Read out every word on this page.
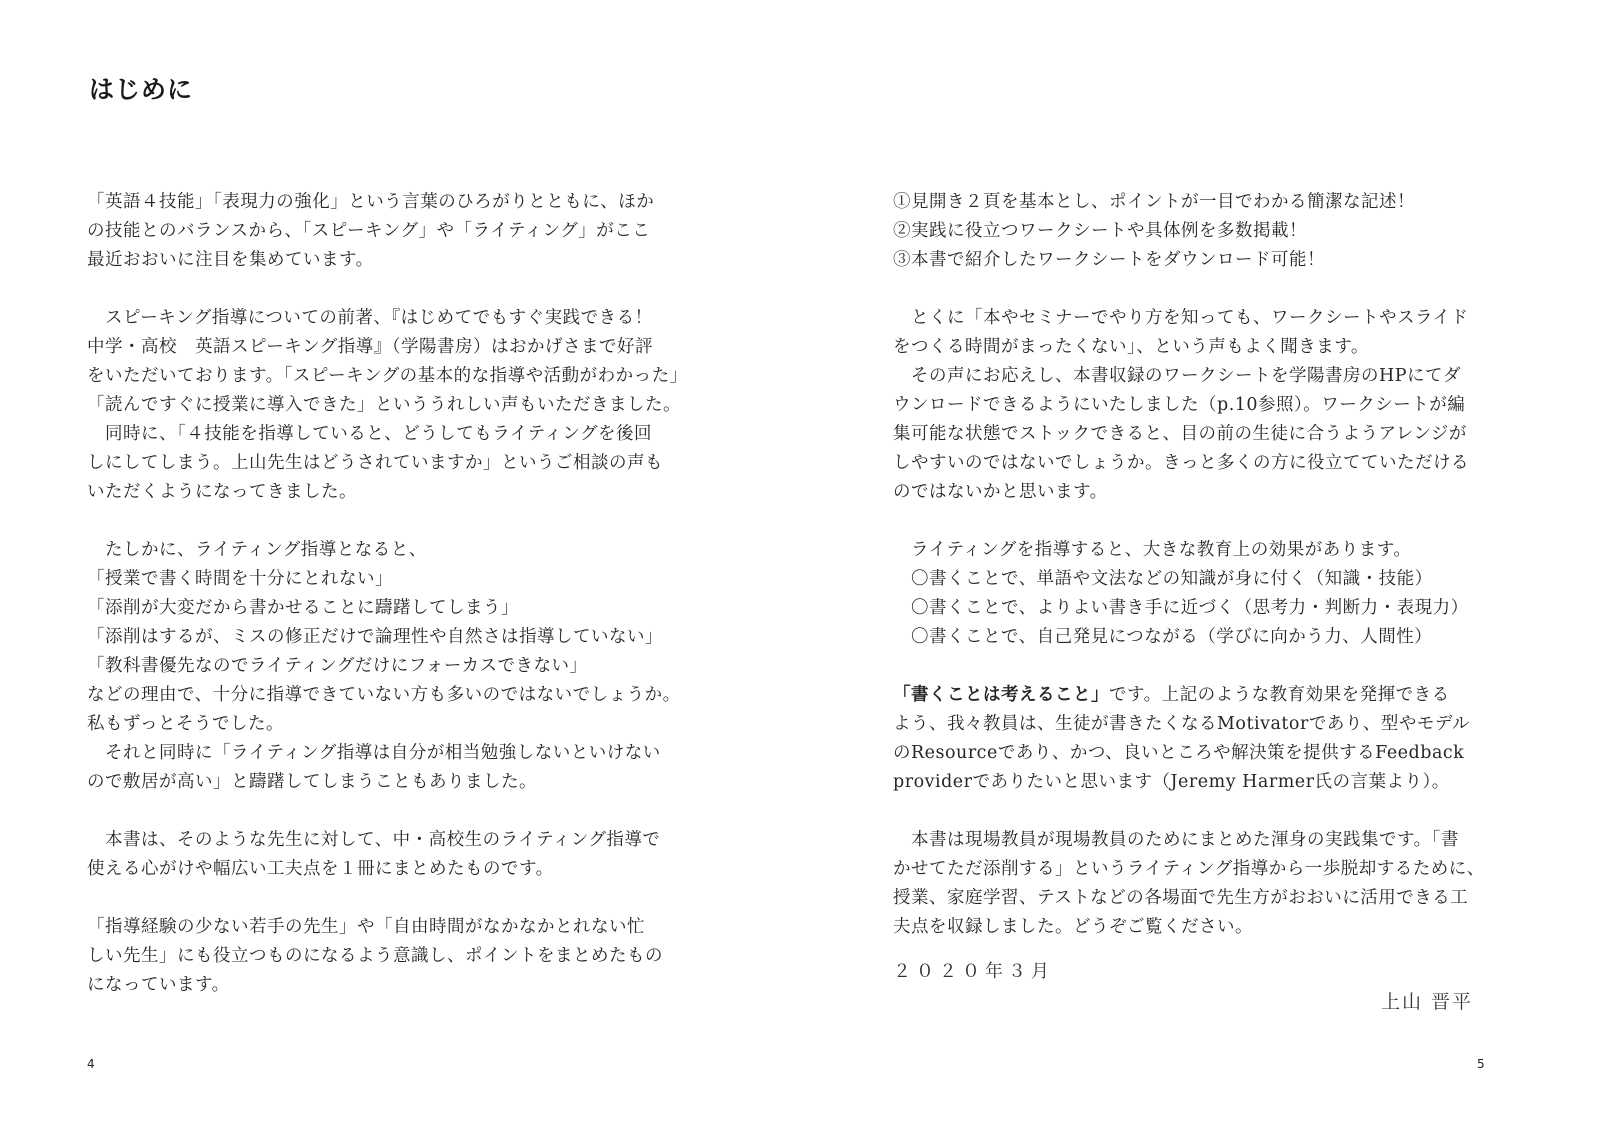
はじめに
「英語４技能」「表現力の強化」という言葉のひろがりとともに、ほか
の技能とのバランスから、「スピーキング」や「ライティング」がここ
最近おおいに注目を集めています。
　スピーキング指導についての前著、『はじめてでもすぐ実践できる！
中学・高校　英語スピーキング指導』（学陽書房）はおかげさまで好評
をいただいております。「スピーキングの基本的な指導や活動がわかった」
「読んですぐに授業に導入できた」といううれしい声もいただきました。
　同時に、「４技能を指導していると、どうしてもライティングを後回
しにしてしまう。上山先生はどうされていますか」というご相談の声も
いただくようになってきました。
　たしかに、ライティング指導となると、
「授業で書く時間を十分にとれない」
「添削が大変だから書かせることに躊躇してしまう」
「添削はするが、ミスの修正だけで論理性や自然さは指導していない」
「教科書優先なのでライティングだけにフォーカスできない」
などの理由で、十分に指導できていない方も多いのではないでしょうか。
私もずっとそうでした。
　それと同時に「ライティング指導は自分が相当勉強しないといけない
ので敷居が高い」と躊躇してしまうこともありました。
　本書は、そのような先生に対して、中・高校生のライティング指導で
使える心がけや幅広い工夫点を１冊にまとめたものです。
「指導経験の少ない若手の先生」や「自由時間がなかなかとれない忙
しい先生」にも役立つものになるよう意識し、ポイントをまとめたもの
になっています。
4
①見開き２頁を基本とし、ポイントが一目でわかる簡潔な記述！
②実践に役立つワークシートや具体例を多数掲載！
③本書で紹介したワークシートをダウンロード可能！
　とくに「本やセミナーでやり方を知っても、ワークシートやスライド
をつくる時間がまったくない」、という声もよく聞きます。
　その声にお応えし、本書収録のワークシートを学陽書房のHPにてダ
ウンロードできるようにいたしました（p.10参照）。ワークシートが編
集可能な状態でストックできると、目の前の生徒に合うようアレンジが
しやすいのではないでしょうか。きっと多くの方に役立てていただける
のではないかと思います。
　ライティングを指導すると、大きな教育上の効果があります。
　〇書くことで、単語や文法などの知識が身に付く（知識・技能）
　〇書くことで、よりよい書き手に近づく（思考力・判断力・表現力）
　〇書くことで、自己発見につながる（学びに向かう力、人間性）
「書くことは考えること」です。上記のような教育効果を発揮できる
よう、我々教員は、生徒が書きたくなるMotivatorであり、型やモデル
のResourceであり、かつ、良いところや解決策を提供するFeedback
providerでありたいと思います（Jeremy Harmer氏の言葉より）。
　本書は現場教員が現場教員のためにまとめた渾身の実践集です。「書
かせてただ添削する」というライティング指導から一歩脱却するために、
授業、家庭学習、テストなどの各場面で先生方がおおいに活用できる工
夫点を収録しました。どうぞご覧ください。
２０２０年３月
上山 晋平
5
